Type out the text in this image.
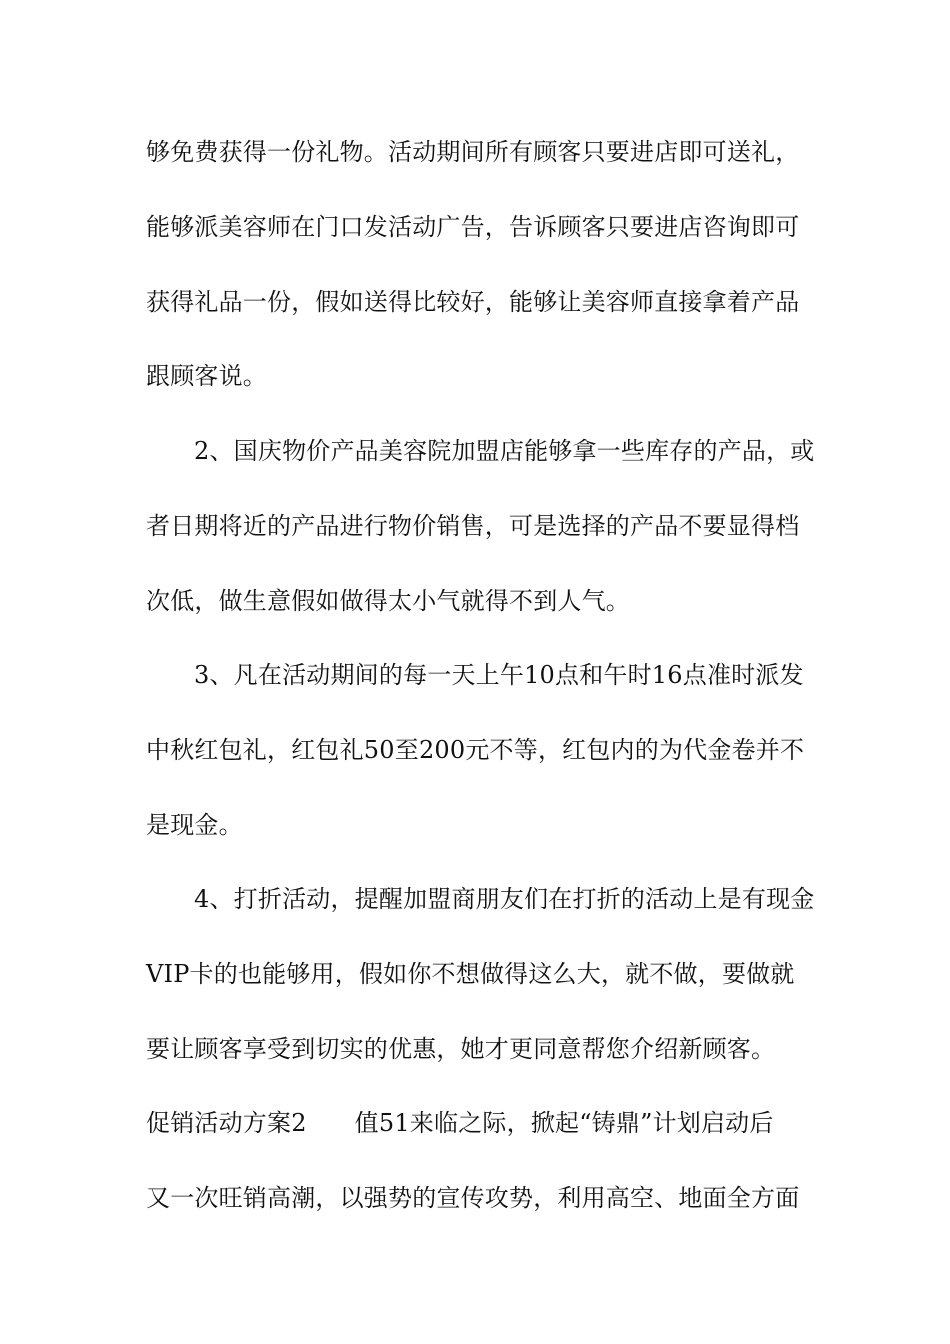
够免费获得一份礼物。活动期间所有顾客只要进店即可送礼，
能够派美容师在门口发活动广告，告诉顾客只要进店咨询即可
获得礼品一份，假如送得比较好，能够让美容师直接拿着产品
跟顾客说。
2、国庆物价产品美容院加盟店能够拿一些库存的产品，或
者日期将近的产品进行物价销售，可是选择的产品不要显得档
次低，做生意假如做得太小气就得不到人气。
3、凡在活动期间的每一天上午10点和午时16点准时派发
中秋红包礼，红包礼50至200元不等，红包内的为代金卷并不
是现金。
4、打折活动，提醒加盟商朋友们在打折的活动上是有现金
VIP卡的也能够用，假如你不想做得这么大，就不做，要做就
要让顾客享受到切实的优惠，她才更同意帮您介绍新顾客。
促销活动方案2 值51来临之际，掀起“铸鼎”计划启动后
又一次旺销高潮，以强势的宣传攻势，利用高空、地面全方面
